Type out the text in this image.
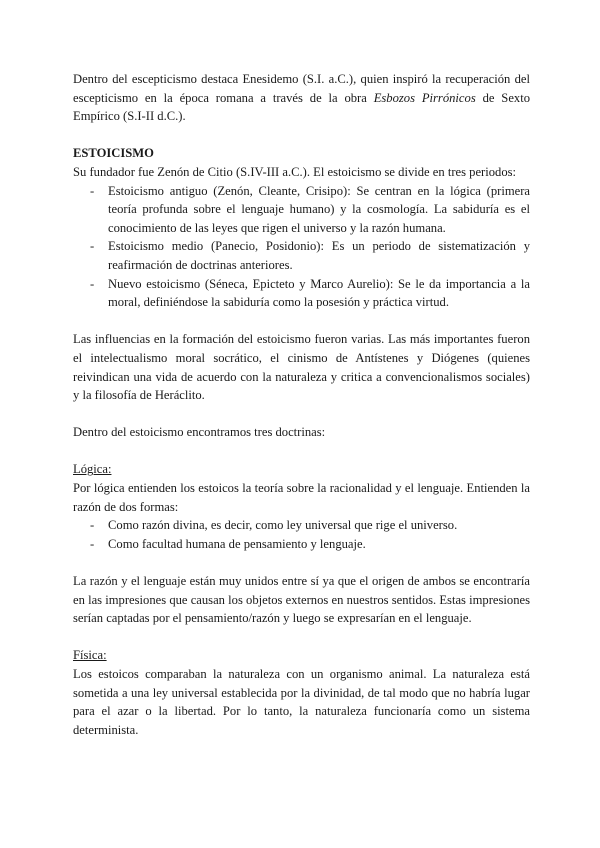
Dentro del escepticismo destaca Enesidemo (S.I. a.C.), quien inspiró la recuperación del escepticismo en la época romana a través de la obra Esbozos Pirrónicos de Sexto Empírico (S.I-II d.C.).

ESTOICISMO

Su fundador fue Zenón de Citio (S.IV-III a.C.). El estoicismo se divide en tres periodos:

- Estoicismo antiguo (Zenón, Cleante, Crisipo): Se centran en la lógica (primera teoría profunda sobre el lenguaje humano) y la cosmología. La sabiduría es el conocimiento de las leyes que rigen el universo y la razón humana.
- Estoicismo medio (Panecio, Posidonio): Es un periodo de sistematización y reafirmación de doctrinas anteriores.
- Nuevo estoicismo (Séneca, Epicteto y Marco Aurelio): Se le da importancia a la moral, definiéndose la sabiduría como la posesión y práctica virtud.

Las influencias en la formación del estoicismo fueron varias. Las más importantes fueron el intelectualismo moral socrático, el cinismo de Antístenes y Diógenes (quienes reivindican una vida de acuerdo con la naturaleza y critica a convencionalismos sociales) y la filosofía de Heráclito.

Dentro del estoicismo encontramos tres doctrinas:

Lógica:

Por lógica entienden los estoicos la teoría sobre la racionalidad y el lenguaje. Entienden la razón de dos formas:

- Como razón divina, es decir, como ley universal que rige el universo.
- Como facultad humana de pensamiento y lenguaje.

La razón y el lenguaje están muy unidos entre sí ya que el origen de ambos se encontraría en las impresiones que causan los objetos externos en nuestros sentidos. Estas impresiones serían captadas por el pensamiento/razón y luego se expresarían en el lenguaje.

Física:

Los estoicos comparaban la naturaleza con un organismo animal. La naturaleza está sometida a una ley universal establecida por la divinidad, de tal modo que no habría lugar para el azar o la libertad. Por lo tanto, la naturaleza funcionaría como un sistema determinista.
